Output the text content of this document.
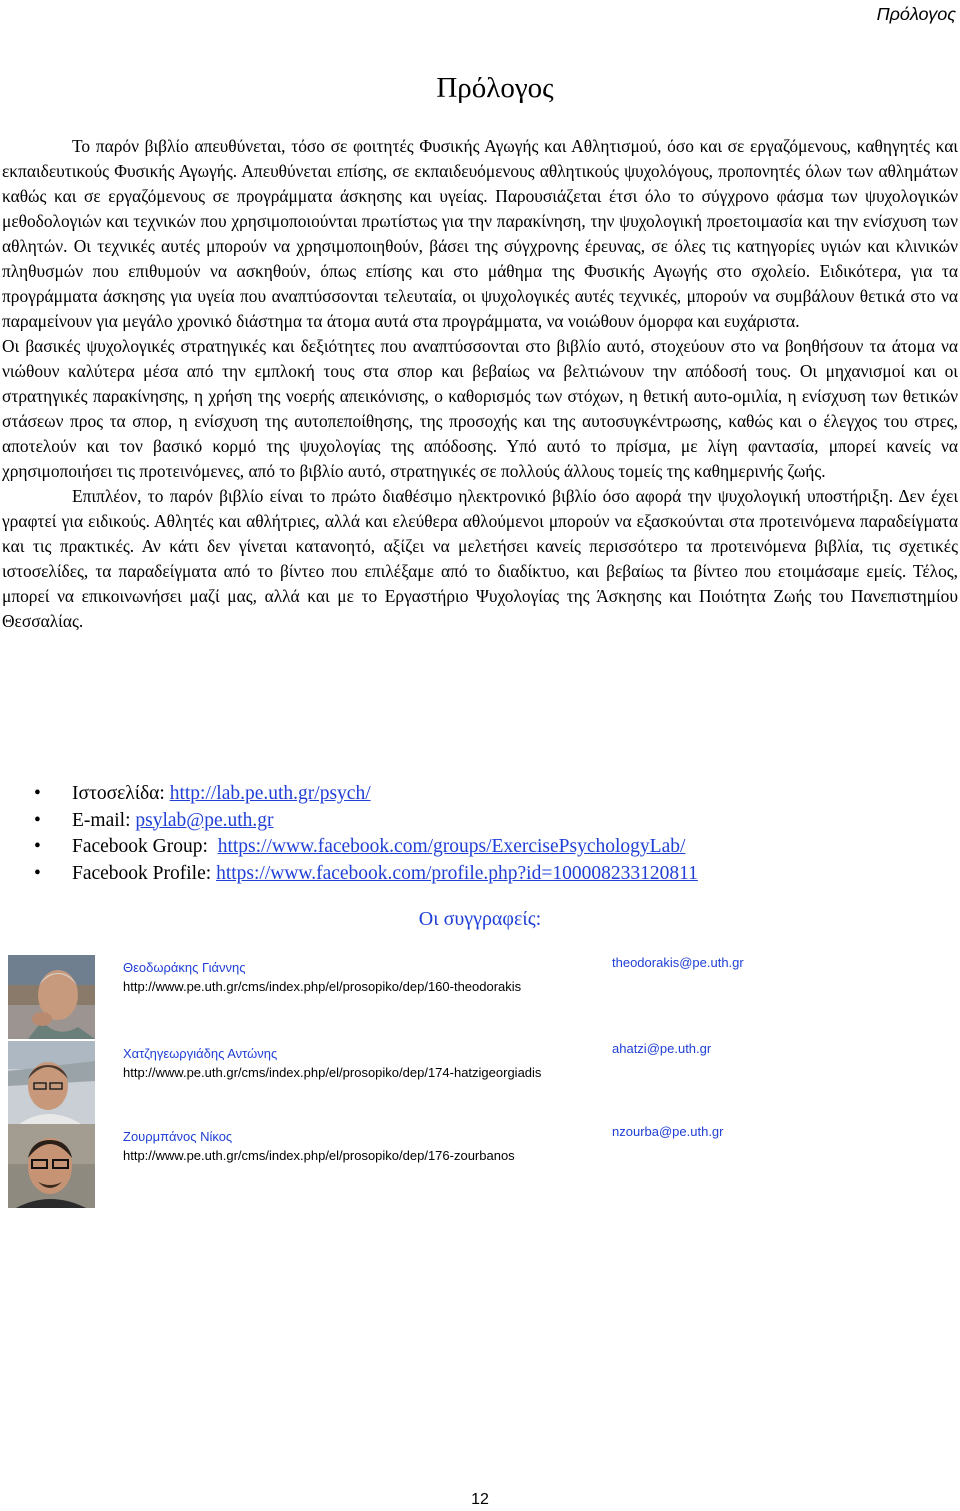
Πρόλογος
Πρόλογος

Το παρόν βιβλίο απευθύνεται, τόσο σε φοιτητές Φυσικής Αγωγής και Αθλητισμού, όσο και σε εργαζόμενους, καθηγητές και εκπαιδευτικούς Φυσικής Αγωγής. Απευθύνεται επίσης, σε εκπαιδευόμενους αθλητικούς ψυχολόγους, προπονητές όλων των αθλημάτων καθώς και σε εργαζόμενους σε προγράμματα άσκησης και υγείας. Παρουσιάζεται έτσι όλο το σύγχρονο φάσμα των ψυχολογικών μεθοδολογιών και τεχνικών που χρησιμοποιούνται πρωτίστως για την παρακίνηση, την ψυχολογική προετοιμασία και την ενίσχυση των αθλητών. Οι τεχνικές αυτές μπορούν να χρησιμοποιηθούν, βάσει της σύγχρονης έρευνας, σε όλες τις κατηγορίες υγιών και κλινικών πληθυσμών που επιθυμούν να ασκηθούν, όπως επίσης και στο μάθημα της Φυσικής Αγωγής στο σχολείο. Ειδικότερα, για τα προγράμματα άσκησης για υγεία που αναπτύσσονται τελευταία, οι ψυχολογικές αυτές τεχνικές, μπορούν να συμβάλουν θετικά στο να παραμείνουν για μεγάλο χρονικό διάστημα τα άτομα αυτά στα προγράμματα, να νοιώθουν όμορφα και ευχάριστα.

Οι βασικές ψυχολογικές στρατηγικές και δεξιότητες που αναπτύσσονται στο βιβλίο αυτό, στοχεύουν στο να βοηθήσουν τα άτομα να νιώθουν καλύτερα μέσα από την εμπλοκή τους στα σπορ και βεβαίως να βελτιώνουν την απόδοσή τους. Οι μηχανισμοί και οι στρατηγικές παρακίνησης, η χρήση της νοερής απεικόνισης, ο καθορισμός των στόχων, η θετική αυτο-ομιλία, η ενίσχυση των θετικών στάσεων προς τα σπορ, η ενίσχυση της αυτοπεποίθησης, της προσοχής και της αυτοσυγκέντρωσης, καθώς και ο έλεγχος του στρες, αποτελούν και τον βασικό κορμό της ψυχολογίας της απόδοσης. Υπό αυτό το πρίσμα, με λίγη φαντασία, μπορεί κανείς να χρησιμοποιήσει τις προτεινόμενες, από το βιβλίο αυτό, στρατηγικές σε πολλούς άλλους τομείς της καθημερινής ζωής.

Επιπλέον, το παρόν βιβλίο είναι το πρώτο διαθέσιμο ηλεκτρονικό βιβλίο όσο αφορά την ψυχολογική υποστήριξη. Δεν έχει γραφτεί για ειδικούς. Αθλητές και αθλήτριες, αλλά και ελεύθερα αθλούμενοι μπορούν να εξασκούνται στα προτεινόμενα παραδείγματα και τις πρακτικές. Αν κάτι δεν γίνεται κατανοητό, αξίζει να μελετήσει κανείς περισσότερο τα προτεινόμενα βιβλία, τις σχετικές ιστοσελίδες, τα παραδείγματα από το βίντεο που επιλέξαμε από το διαδίκτυο, και βεβαίως τα βίντεο που ετοιμάσαμε εμείς. Τέλος, μπορεί να επικοινωνήσει μαζί μας, αλλά και με το Εργαστήριο Ψυχολογίας της Άσκησης και Ποιότητα Ζωής του Πανεπιστημίου Θεσσαλίας.

• Ιστοσελίδα: http://lab.pe.uth.gr/psych/
• E-mail: psylab@pe.uth.gr
• Facebook Group:  https://www.facebook.com/groups/ExercisePsychologyLab/
• Facebook Profile: https://www.facebook.com/profile.php?id=100008233120811
Οι συγγραφείς:
Θεοδωράκης Γιάννης
http://www.pe.uth.gr/cms/index.php/el/prosopiko/dep/160-theodorakis
theodorakis@pe.uth.gr
Χατζηγεωργιάδης Αντώνης
http://www.pe.uth.gr/cms/index.php/el/prosopiko/dep/174-hatzigeorgiadis
ahatzi@pe.uth.gr
Ζουρμπάνος Νίκος
http://www.pe.uth.gr/cms/index.php/el/prosopiko/dep/176-zourbanos
nzourba@pe.uth.gr
12
